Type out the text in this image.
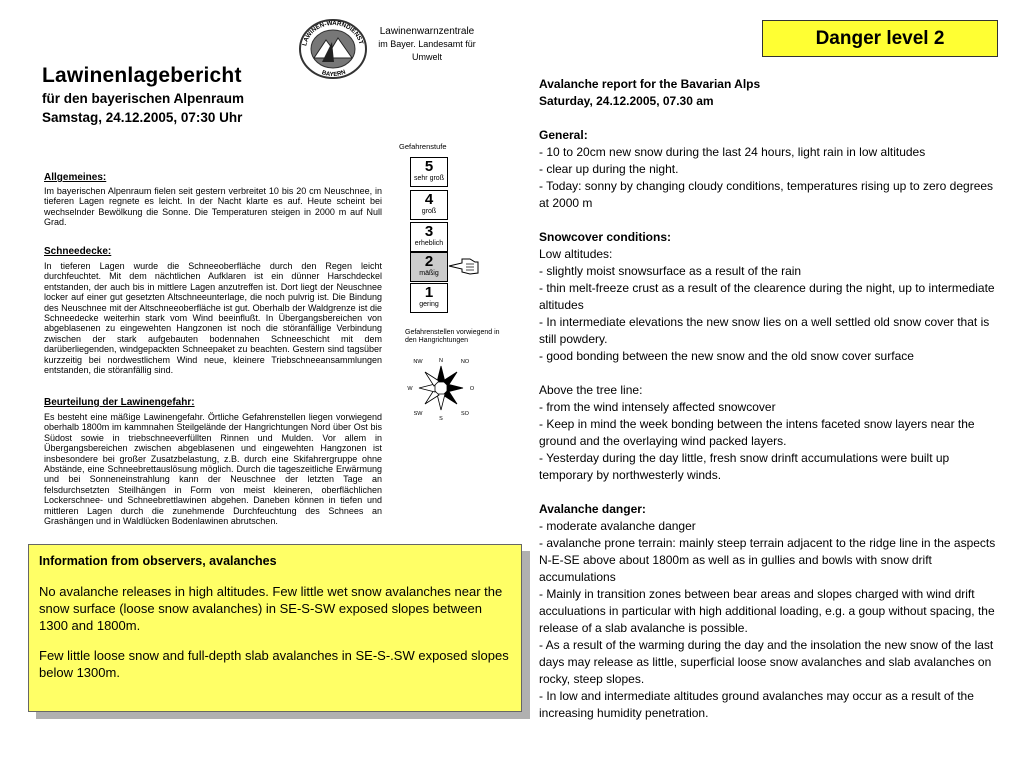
LAWINEN-WARNDIENST
BAYERN
Lawinenwarnzentrale
im Bayer. Landesamt für
Umwelt
Danger level 2
Lawinenlagebericht
für den bayerischen Alpenraum
Samstag, 24.12.2005, 07:30 Uhr
Allgemeines:
Im bayerischen Alpenraum fielen seit gestern verbreitet 10 bis 20 cm Neuschnee, in tieferen Lagen regnete es leicht. In der Nacht klarte es auf. Heute scheint bei wechselnder Bewölkung die Sonne. Die Temperaturen steigen in 2000 m auf Null Grad.
Schneedecke:
In tieferen Lagen wurde die Schneeoberfläche durch den Regen leicht durchfeuchtet. Mit dem nächtlichen Aufklaren ist ein dünner Harschdeckel entstanden, der auch bis in mittlere Lagen anzutreffen ist. Dort liegt der Neuschnee locker auf einer gut gesetzten Altschneeunterlage, die noch pulvrig ist. Die Bindung des Neuschnee mit der Altschneeoberfläche ist gut. Oberhalb der Waldgrenze ist die Schneedecke weiterhin stark vom Wind beeinflußt. In Übergangsbereichen von abgeblasenen zu eingewehten Hangzonen ist noch die störanfällige Verbindung zwischen der stark aufgebauten bodennahen Schneeschicht mit dem darüberliegenden, windgepackten Schneepaket zu beachten. Gestern sind tagsüber kurzzeitig bei nordwestlichem Wind neue, kleinere Triebschneeansammlungen entstanden, die störanfällig sind.
Beurteilung der Lawinengefahr:
Es besteht eine mäßige Lawinengefahr. Örtliche Gefahrenstellen liegen vorwiegend oberhalb 1800m im kammnahen Steilgelände der Hangrichtungen Nord über Ost bis Südost sowie in triebschneeverfüllten Rinnen und Mulden. Vor allem in Übergangsbereichen zwischen abgeblasenen und eingewehten Hangzonen ist insbesondere bei großer Zusatzbelastung, z.B. durch eine Skifahrergruppe ohne Abstände, eine Schneebrettauslösung möglich. Durch die tageszeitliche Erwärmung und bei Sonneneinstrahlung kann der Neuschnee der letzten Tage an felsdurchsetzten Steilhängen in Form von meist kleineren, oberflächlichen Lockerschnee- und Schneebrettlawinen abgehen. Daneben können in tiefen und mittleren Lagen durch die zunehmende Durchfeuchtung des Schnees an Grashängen und in Waldlücken Bodenlawinen abrutschen.
Gefahrenstufe
5
sehr groß
4
groß
3
erheblich
2
mäßig
1
gering
Gefahrenstellen vorwiegend in den Hangrichtungen
NW	N	NO
O
SO
S
SW
W

Information from observers, avalanches

No avalanche releases in high altitudes. Few little wet snow avalanches near the snow surface (loose snow avalanches) in SE-S-SW exposed slopes between 1300 and 1800m.

Few little loose snow and full-depth slab avalanches in SE-S-.SW exposed slopes below 1300m.

Avalanche report for the Bavarian Alps
Saturday, 24.12.2005, 07.30 am
General:
- 10 to 20cm new snow during the last 24 hours, light rain in low altitudes
- clear up during the night.
- Today: sonny by changing cloudy conditions, temperatures rising up to zero degrees at 2000 m
Snowcover conditions:
Low altitudes:
- slightly moist snowsurface as a result of the rain
- thin melt-freeze crust as a result of the clearence during the night, up to intermediate altitudes
- In intermediate elevations the new snow lies on a well settled old snow cover that is still powdery.
- good bonding between the new snow and the old snow cover surface
Above the tree line:
- from the wind intensely affected snowcover
- Keep in mind the week bonding between the intens faceted snow layers near the ground and the overlaying wind packed layers.
- Yesterday during the day little, fresh snow drinft accumulations were built up temporary by northwesterly winds.
Avalanche danger:
- moderate avalanche danger
- avalanche prone terrain: mainly steep terrain adjacent to the ridge line in the aspects N-E-SE above about 1800m as well as in gullies and bowls with snow drift accumulations
- Mainly in transition zones between bear areas and slopes charged with wind drift acculuations in particular with high additional loading, e.g. a goup without spacing, the release of a slab avalanche is possible.
- As a result of the warming during the day and the insolation the new snow of the last days may release as little, superficial loose snow avalanches and slab avalanches on rocky, steep slopes.
- In low and intermediate altitudes ground avalanches may occur as a result of the increasing humidity penetration.
